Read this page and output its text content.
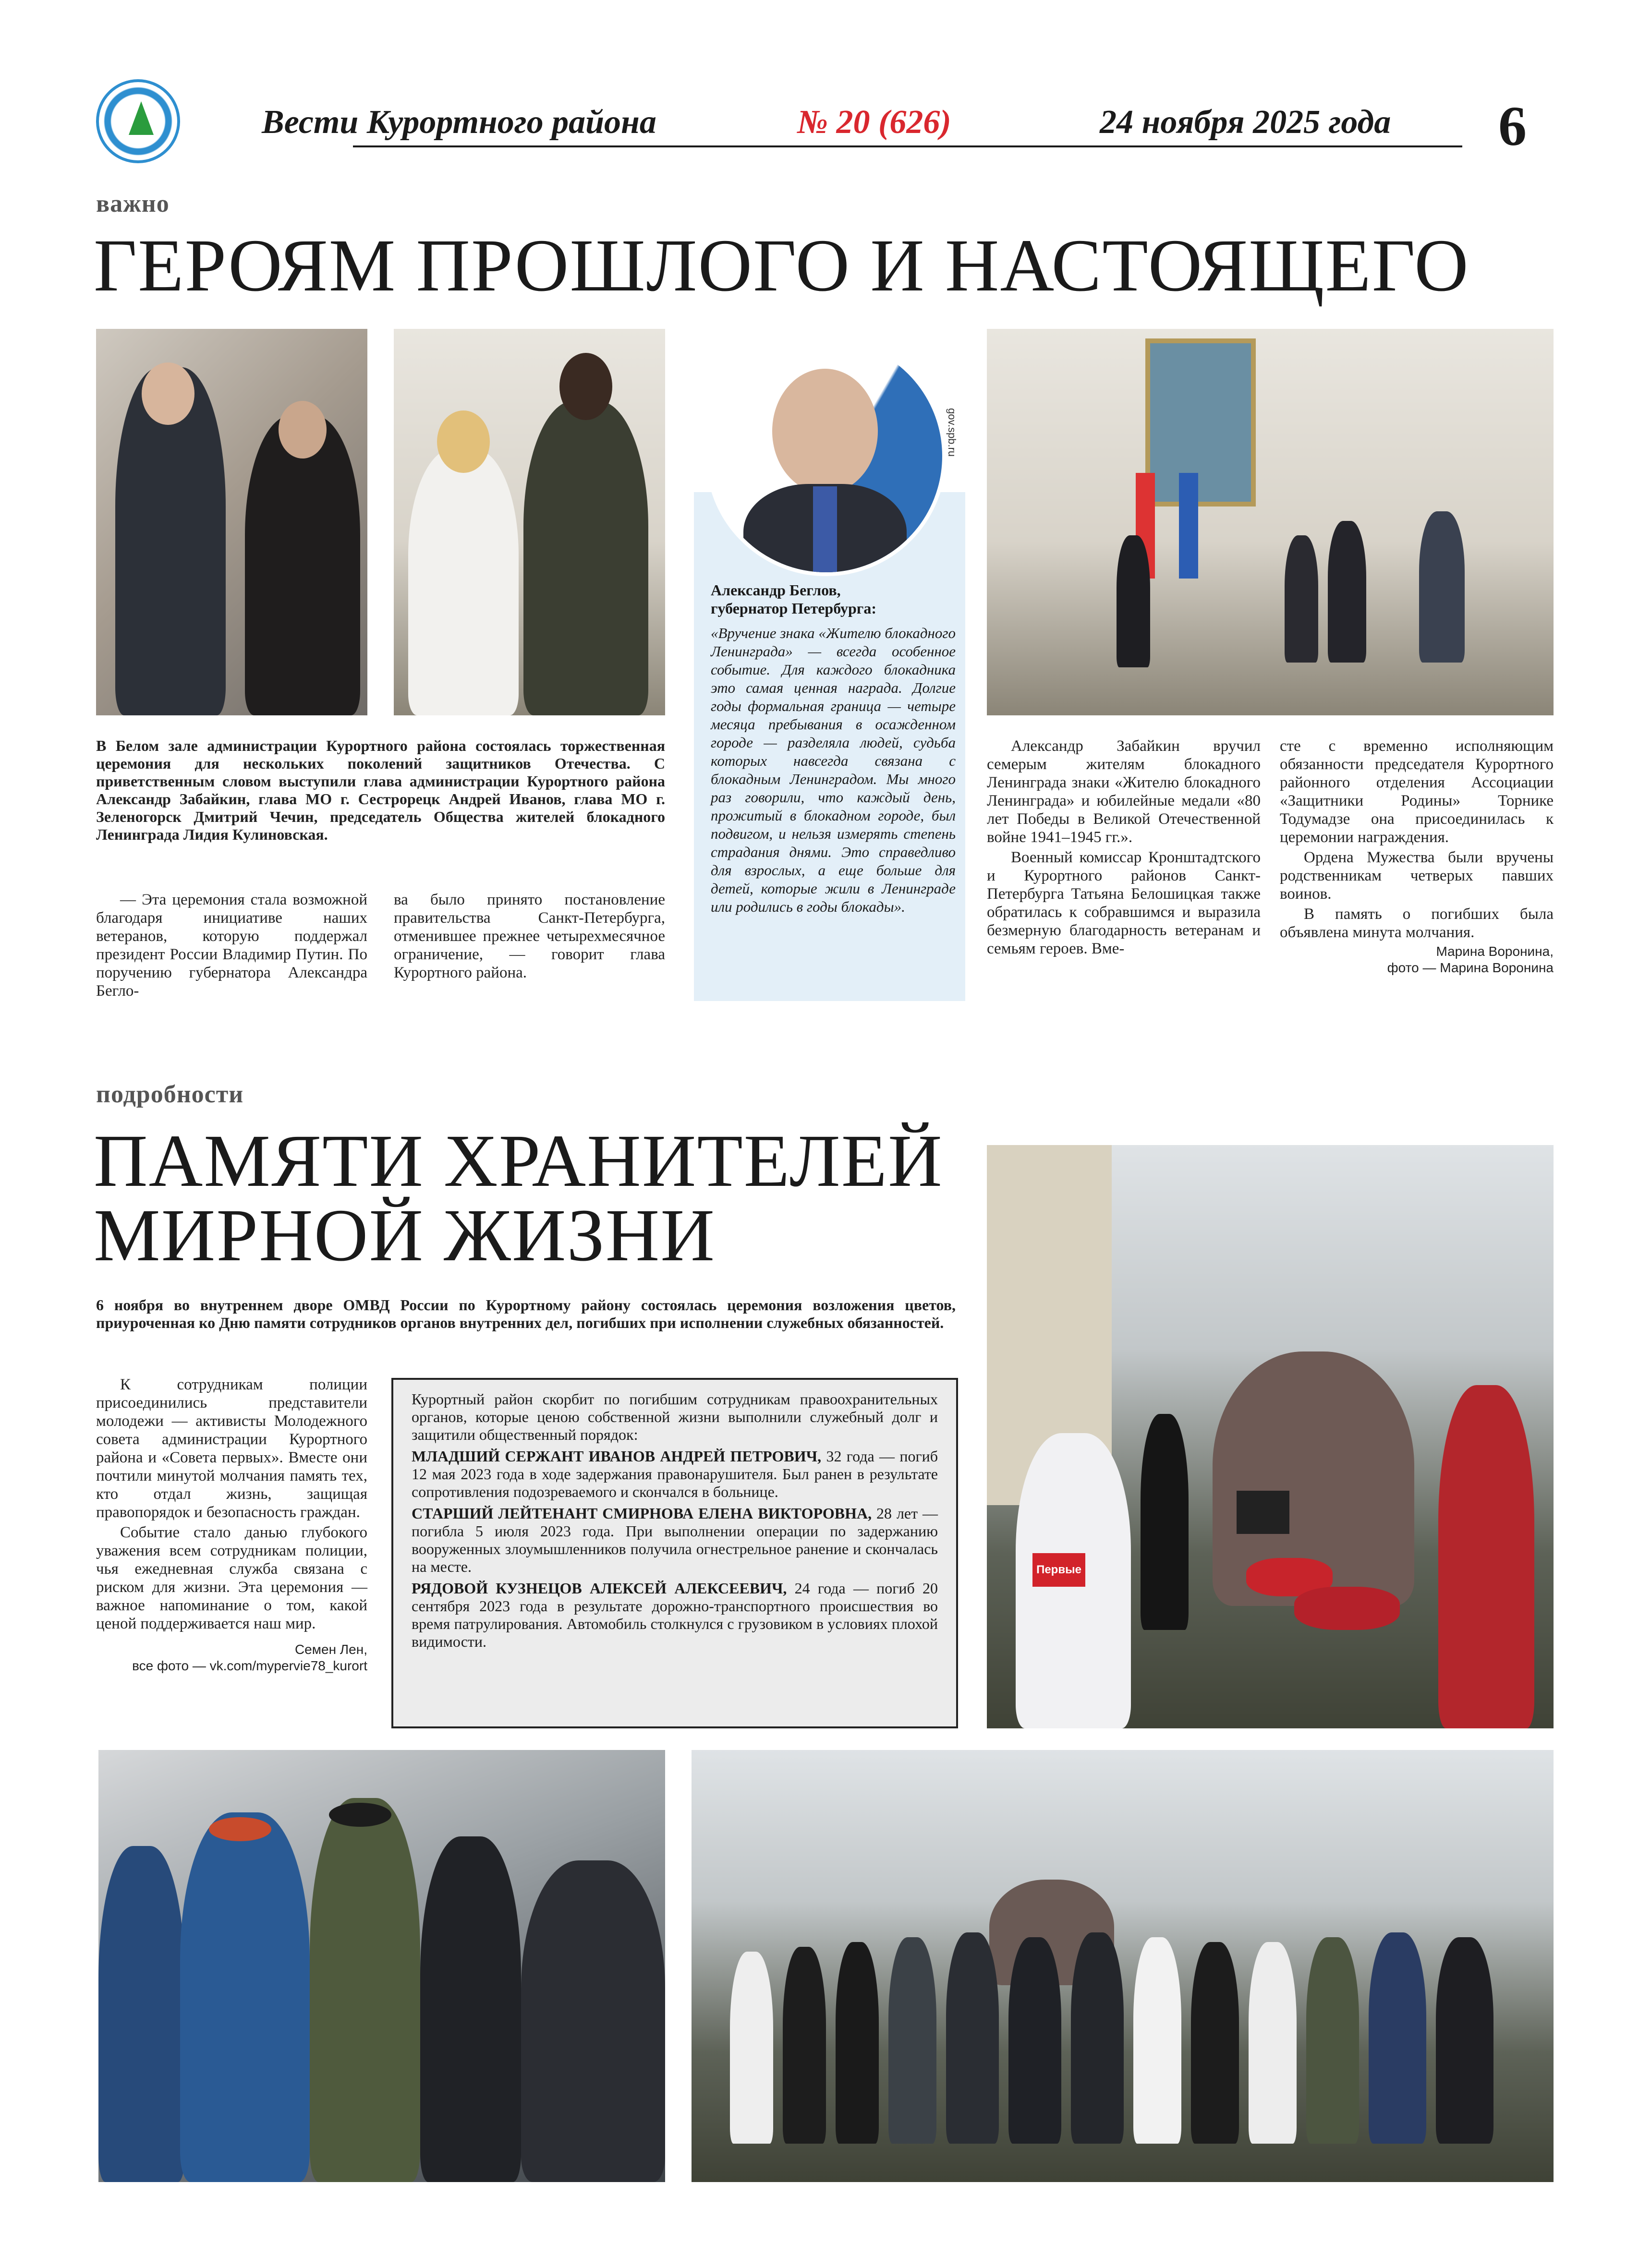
Вести Курортного района	№ 20 (626)	24 ноября 2025 года 6
важно
ГЕРОЯМ ПРОШЛОГО И НАСТОЯЩЕГО
gov.spb.ru
Александр Беглов,
губернатор Петербурга:

«Вручение знака «Жителю блокадного Ленинграда» — всегда особенное событие. Для каждого блокадника это самая ценная награда. Долгие годы формальная граница — четыре месяца пребывания в осажденном городе — разделяла людей, судьба которых навсегда связана с блокадным Ленинградом. Мы много раз говорили, что каждый день, прожитый в блокадном городе, был подвигом, и нельзя измерять степень страдания днями. Это справедливо для взрослых, а еще больше для детей, которые жили в Ленинграде или родились в годы блокады».

В Белом зале администрации Курортного района состоялась торжественная церемония для нескольких поколений защитников Отечества. С приветственным словом выступили глава администрации Курортного района Александр Забайкин, глава МО г. Сестрорецк Андрей Иванов, глава МО г. Зеленогорск Дмитрий Чечин, председатель Общества жителей блокадного Ленинграда Лидия Кулиновская.

— Эта церемония стала возможной благодаря инициативе наших ветеранов, которую поддержал президент России Владимир Путин. По поручению губернатора Александра Бегло-

ва было принято постановление правительства Санкт-Петербурга, отменившее прежнее четырехмесячное ограничение, — говорит глава Курортного района.

Александр Забайкин вручил семерым жителям блокадного Ленинграда знаки «Жителю блокадного Ленинграда» и юбилейные медали «80 лет Победы в Великой Отечественной войне 1941–1945 гг.».

Военный комиссар Кронштадтского и Курортного районов Санкт-Петербурга Татьяна Белошицкая также обратилась к собравшимся и выразила безмерную благодарность ветеранам и семьям героев. Вме-

сте с временно исполняющим обязанности председателя Курортного районного отделения Ассоциации «Защитники Родины» Торнике Тодумадзе она присоединилась к церемонии награждения.

Ордена Мужества были вручены родственникам четверых павших воинов.

В память о погибших была объявлена минута молчания.

Марина Воронина,
фото — Марина Воронина
подробности
ПАМЯТИ ХРАНИТЕЛЕЙ
МИРНОЙ ЖИЗНИ
6 ноября во внутреннем дворе ОМВД России по Курортному району состоялась церемония возложения цветов, приуроченная ко Дню памяти сотрудников органов внутренних дел, погибших при исполнении служебных обязанностей.

К сотрудникам полиции присоединились представители молодежи — активисты Молодежного совета администрации Курортного района и «Совета первых». Вместе они почтили минутой молчания память тех, кто отдал жизнь, защищая правопорядок и безопасность граждан.

Событие стало данью глубокого уважения всем сотрудникам полиции, чья ежедневная служба связана с риском для жизни. Эта церемония — важное напоминание о том, какой ценой поддерживается наш мир.

Семен Лен,
все фото — vk.com/mypervie78_kurort

Курортный район скорбит по погибшим сотрудникам правоохранительных органов, которые ценою собственной жизни выполнили служебный долг и защитили общественный порядок:

МЛАДШИЙ СЕРЖАНТ ИВАНОВ АНДРЕЙ ПЕТРОВИЧ, 32 года — погиб 12 мая 2023 года в ходе задержания правонарушителя. Был ранен в результате сопротивления подозреваемого и скончался в больнице.

СТАРШИЙ ЛЕЙТЕНАНТ СМИРНОВА ЕЛЕНА ВИКТОРОВНА, 28 лет — погибла 5 июля 2023 года. При выполнении операции по задержанию вооруженных злоумышленников получила огнестрельное ранение и скончалась на месте.

РЯДОВОЙ КУЗНЕЦОВ АЛЕКСЕЙ АЛЕКСЕЕВИЧ, 24 года — погиб 20 сентября 2023 года в результате дорожно-транспортного происшествия во время патрулирования. Автомобиль столкнулся с грузовиком в условиях плохой видимости.

Первые
